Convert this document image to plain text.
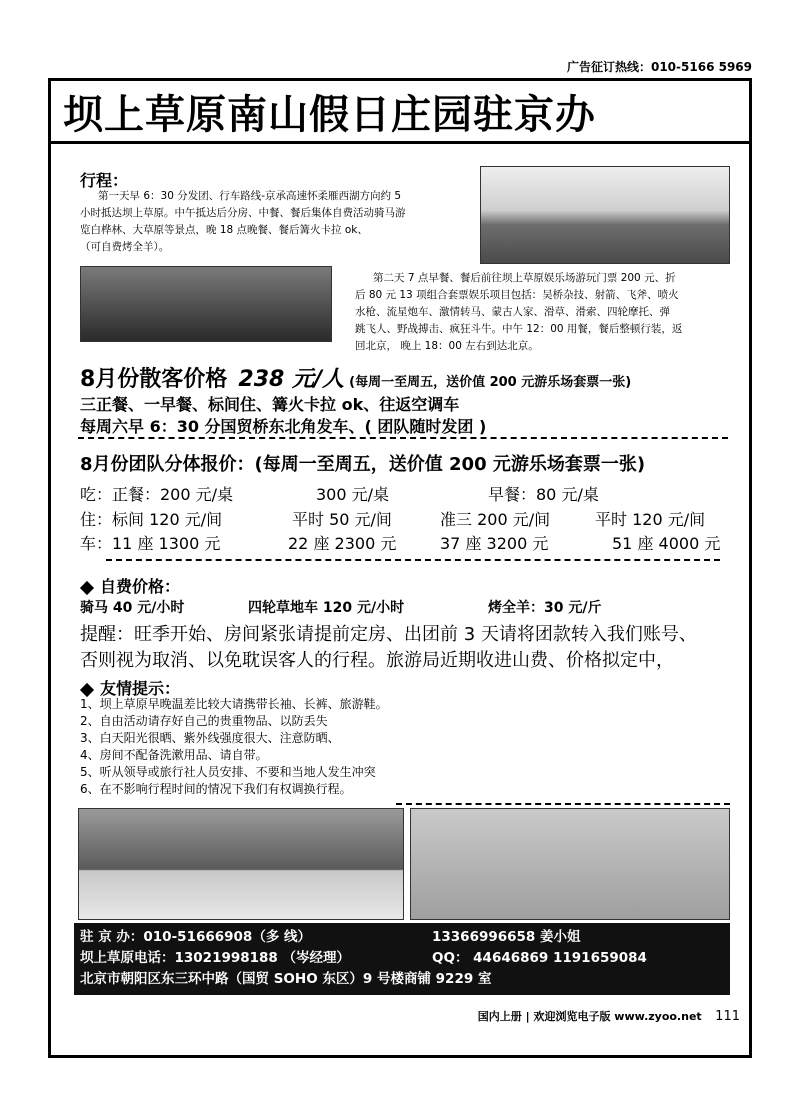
广告征订热线：010-5166 5969
坝上草原南山假日庄园驻京办
行程：
第一天早 6：30 分发团、行车路线-京承高速怀柔雁西湖方向约 5
小时抵达坝上草原。中午抵达后分房、中餐、餐后集体自费活动骑马游
览白桦林、大草原等景点，晚 18 点晚餐、餐后篝火卡拉 ok、
（可自费烤全羊）。
第二天 7 点早餐、餐后前往坝上草原娱乐场游玩门票 200 元、折
后 80 元 13 项组合套票娱乐项目包括：吴桥杂技、射箭、飞斧、喷火
水枪、流星炮车、激情转马、蒙古人家、滑草、滑索、四轮摩托、弹
跳飞人、野战搏击、疯狂斗牛。中午 12：00 用餐，餐后整顿行装，返
回北京， 晚上 18：00 左右到达北京。
8月份散客价格 238 元/人 (每周一至周五，送价值 200 元游乐场套票一张)
三正餐、一早餐、标间住、篝火卡拉 ok、往返空调车
每周六早 6：30 分国贸桥东北角发车、( 团队随时发团 )
8月份团队分体报价：(每周一至周五，送价值 200 元游乐场套票一张)
吃：正餐：200 元/桌	300 元/桌	早餐：80 元/桌
住：标间 120 元/间	平时 50 元/间	准三 200 元/间	平时 120 元/间
车：11 座 1300 元	22 座 2300 元	37 座 3200 元	51 座 4000 元
自费价格：
骑马 40 元/小时	四轮草地车 120 元/小时	烤全羊：30 元/斤
提醒：旺季开始、房间紧张请提前定房、出团前 3 天请将团款转入我们账号、
否则视为取消、以免耽误客人的行程。旅游局近期收进山费、价格拟定中，
友情提示：
1、坝上草原早晚温差比较大请携带长袖、长裤、旅游鞋。
2、自由活动请存好自己的贵重物品、以防丢失
3、白天阳光很晒、紫外线强度很大、注意防晒、
4、房间不配备洗漱用品、请自带。
5、听从领导或旅行社人员安排、不要和当地人发生冲突
6、在不影响行程时间的情况下我们有权调换行程。
驻 京 办：010-51666908（多 线）	13366996658 姜小姐
坝上草原电话：13021998188 （岑经理）	QQ： 44646869 1191659084
北京市朝阳区东三环中路（国贸 SOHO 东区）9 号楼商铺 9229 室
国内上册 | 欢迎浏览电子版 www.zyoo.net 111
